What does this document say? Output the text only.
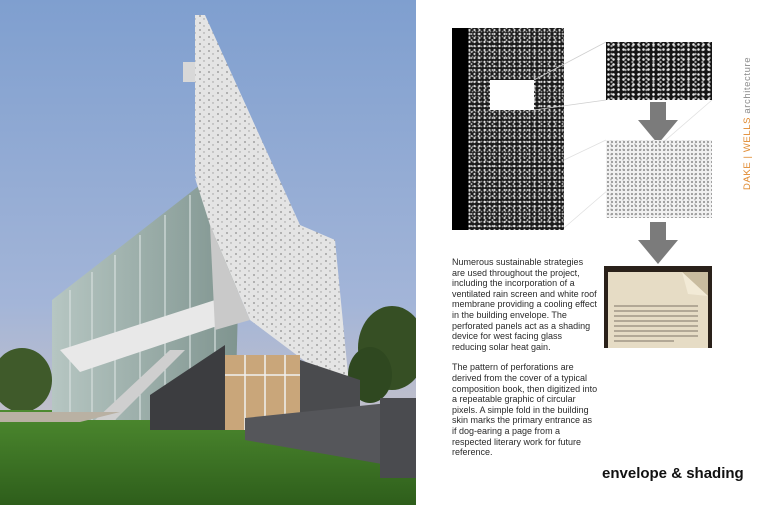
DAKE | WELLS architecture

Numerous sustainable strategies are used throughout the project, including the incorporation of a ventilated rain screen and white roof membrane providing a cooling effect in the building envelope. The perforated panels act as a shading device for west facing glass reducing solar heat gain.

The pattern of perforations are derived from the cover of a typical composition book, then digitized into a repeatable graphic of circular pixels. A simple fold in the building skin marks the primary entrance as if dog-earing a page from a respected literary work for future reference.

envelope & shading
